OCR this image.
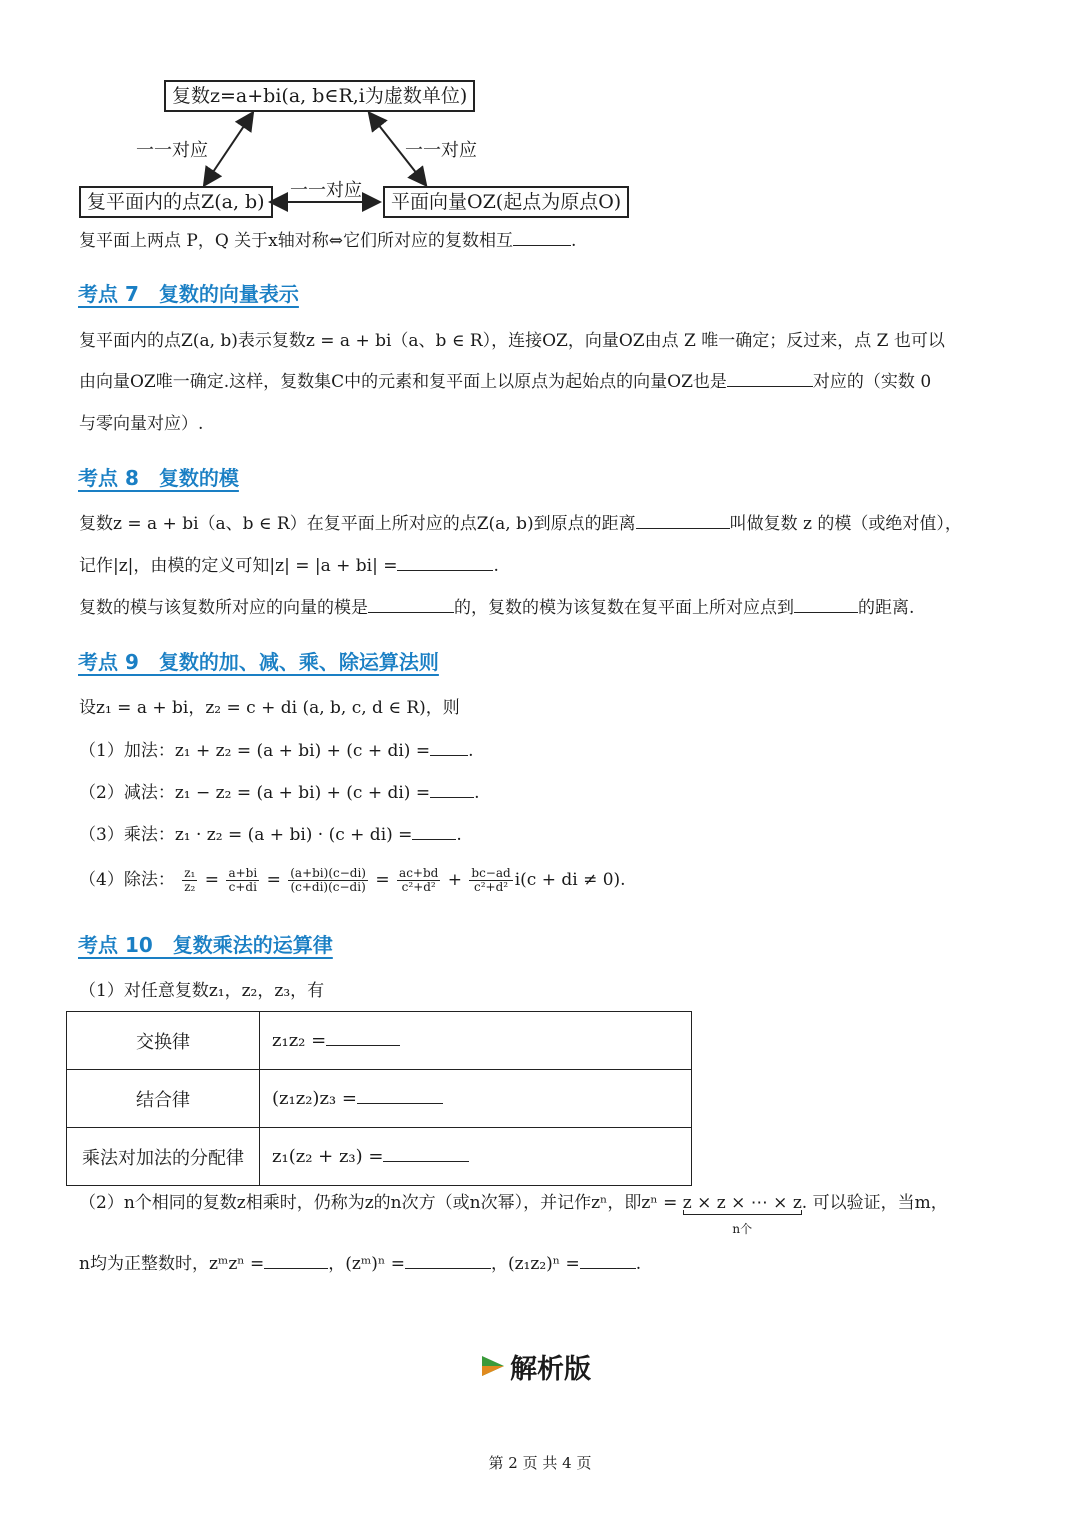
复数z=a+bi(a, b∈R,i为虚数单位)
复平面内的点Z(a, b)	平面向量OZ(起点为原点O)
一一对应	一一对应
一一对应
复平面上两点 P，Q 关于x轴对称⇔它们所对应的复数相互	.
考点 7　复数的向量表示
复平面内的点Z(a, b)表示复数z = a + bi（a、b ∈ R），连接OZ，向量OZ由点 Z 唯一确定；反过来，点 Z 也可以
由向量OZ唯一确定.这样，复数集C中的元素和复平面上以原点为起始点的向量OZ也是	对应的（实数 0
与零向量对应）.
考点 8　复数的模
复数z = a + bi（a、b ∈ R）在复平面上所对应的点Z(a, b)到原点的距离	叫做复数 z 的模（或绝对值），
记作|z|，由模的定义可知|z| = |a + bi| =	.
复数的模与该复数所对应的向量的模是	的，复数的模为该复数在复平面上所对应点到	的距离.
考点 9　复数的加、减、乘、除运算法则
设z₁ = a + bi，z₂ = c + di (a, b, c, d ∈ R)，则
（1）加法：z₁ + z₂ = (a + bi) + (c + di) = .
（2）减法：z₁ − z₂ = (a + bi) + (c + di) =	.
（3）乘法：z₁ · z₂ = (a + bi) · (c + di) =	.
（4）除法： $\frac{\text{z₁}}{\text{z₂}} = \frac{a+bi}{c+di} = \frac{(a+bi)(c-di)}{(c+di)(c-di)} = \frac{ac+bd}{\text{c²+d²}} + \frac{bc-ad}{\text{c²+d²}} i(c$ + di ≠ 0).
考点 10　复数乘法的运算律
（1）对任意复数z₁，z₂，z₃，有
交换律	z₁z₂ =
结合律	(z₁z₂)z₃ =
乘法对加法的分配律	z₁(z₂ + z₃) =
（2）n个相同的复数z相乘时，仍称为z的n次方（或n次幂），并记作zⁿ，即zⁿ = z × z × ⋯ × z
n个
. 可以验证，当m，
n均为正整数时，zᵐzⁿ =	，(zᵐ)ⁿ =	，(z₁z₂)ⁿ =	.
解析版
第 2 页 共 4 页
